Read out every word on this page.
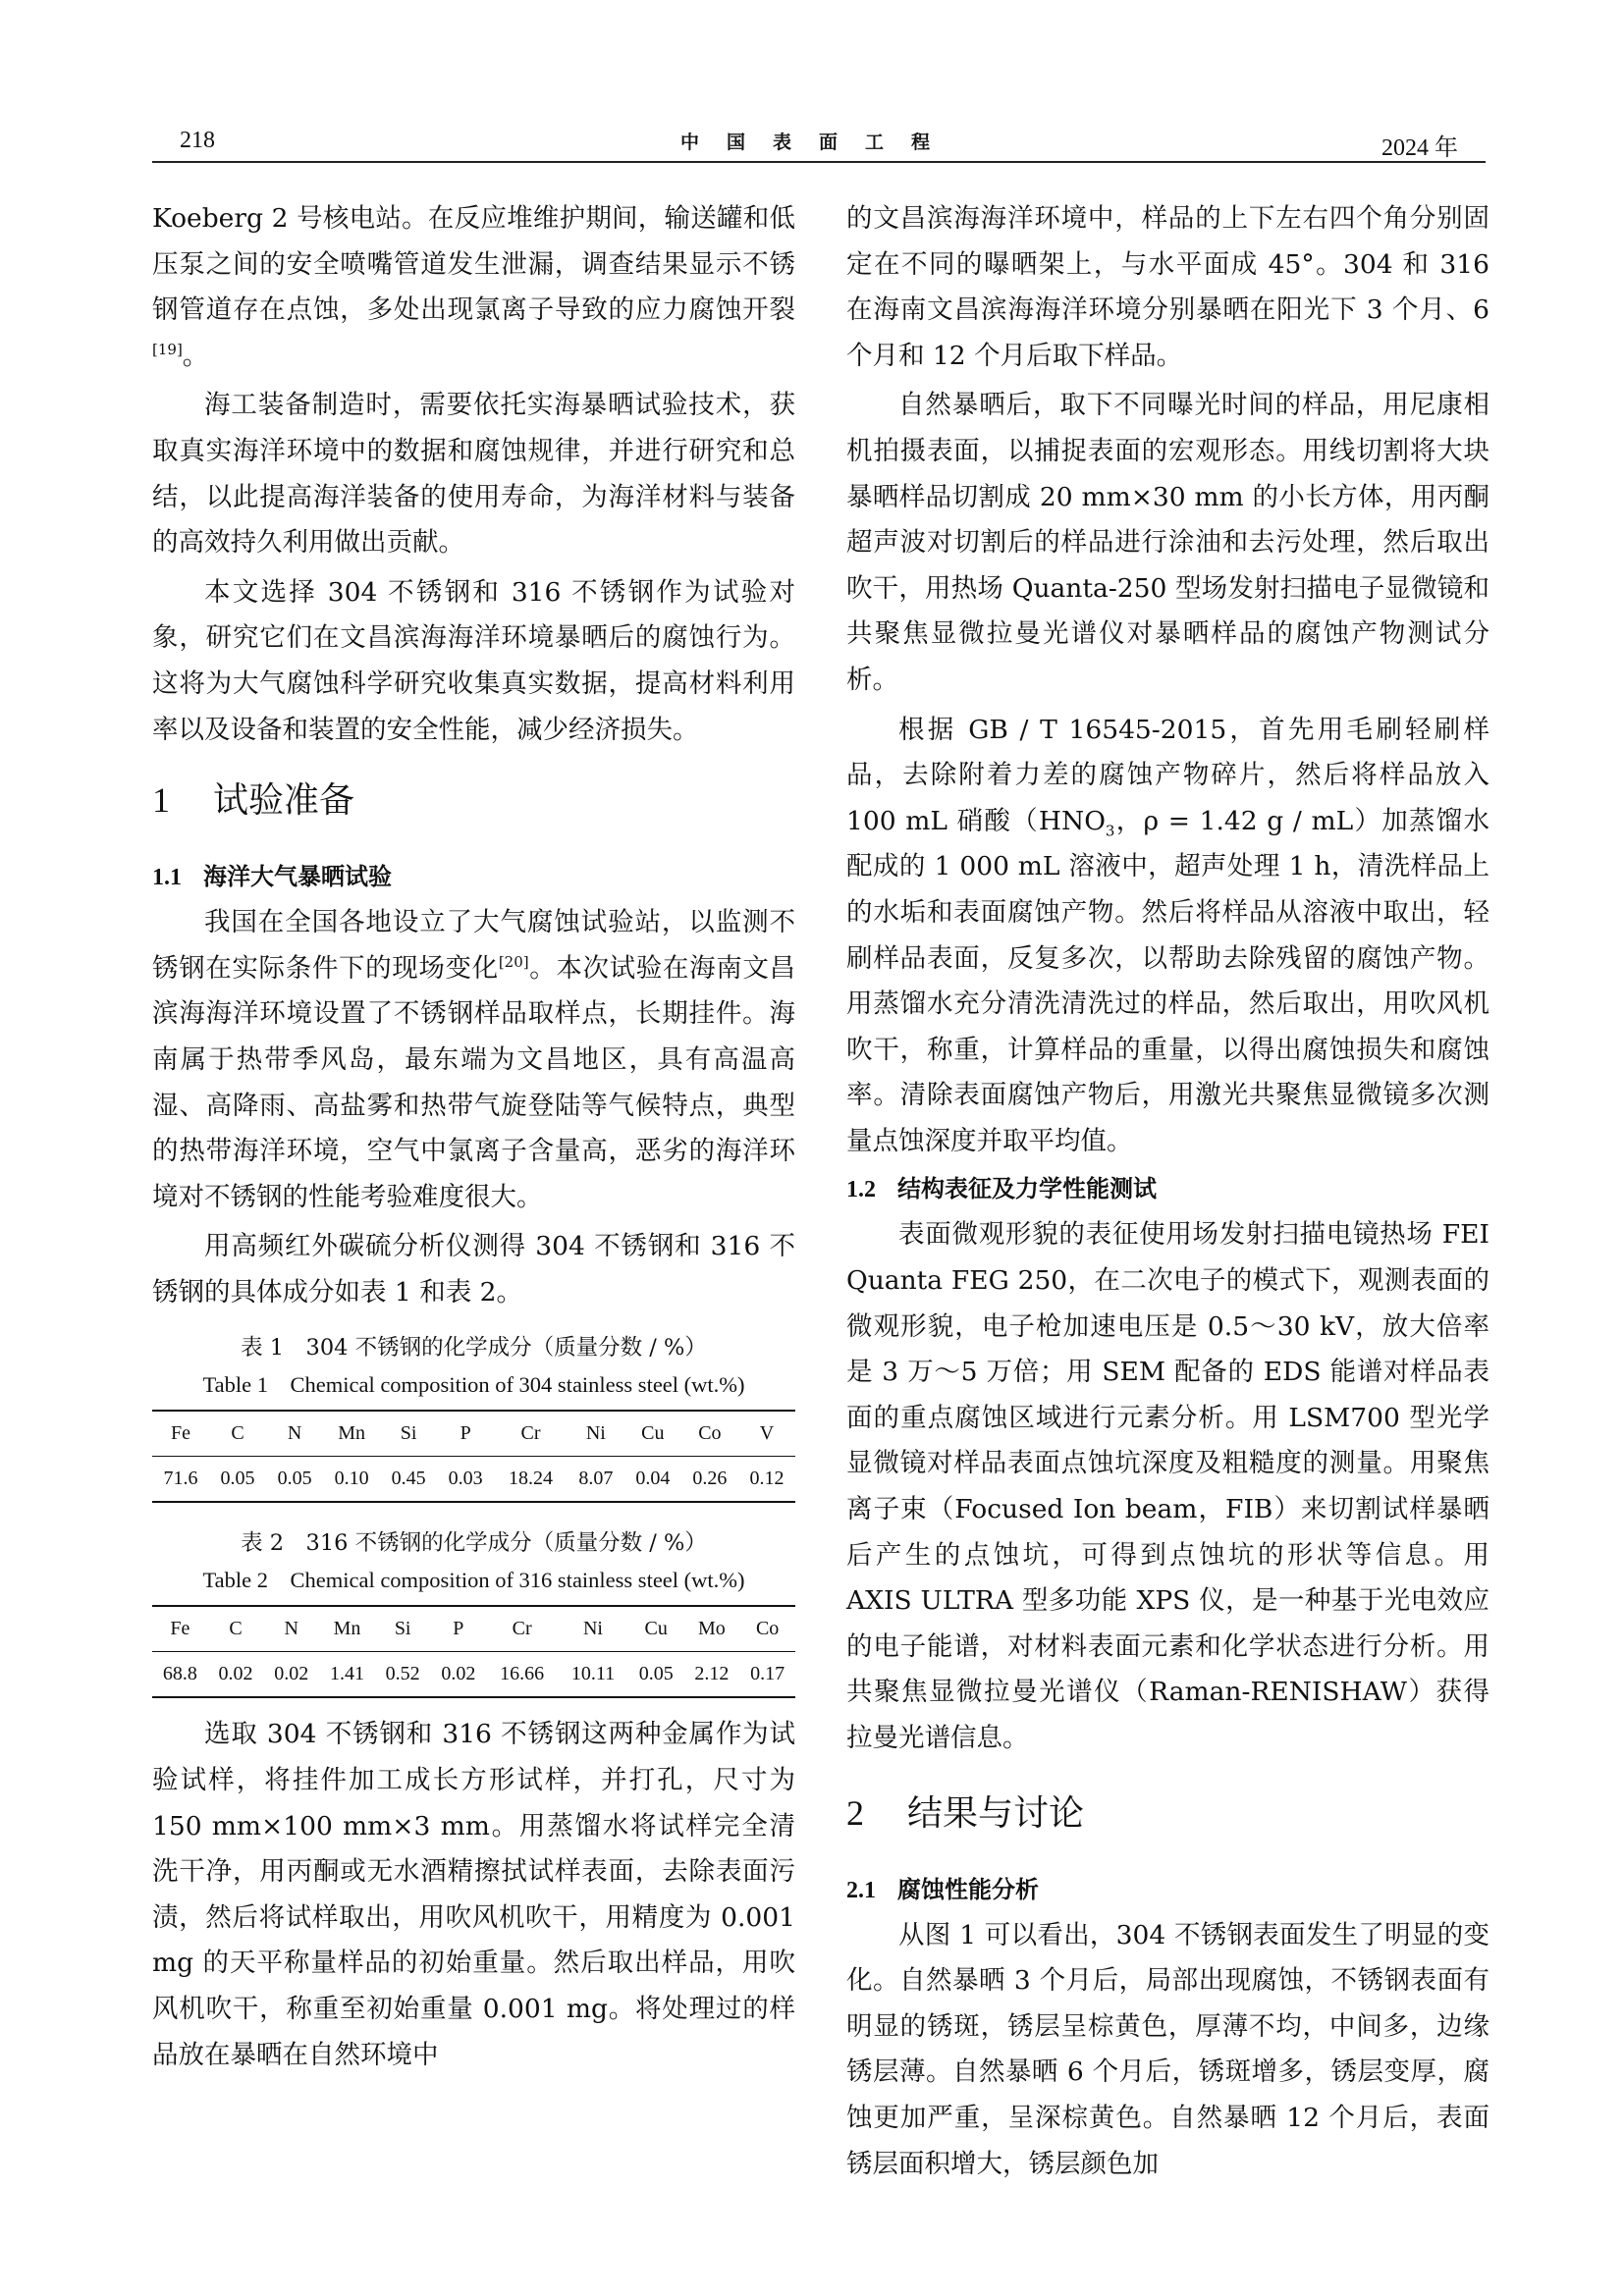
218	中国表面工程	2024 年

Koeberg 2 号核电站。在反应堆维护期间，输送罐和低压泵之间的安全喷嘴管道发生泄漏，调查结果显示不锈钢管道存在点蚀，多处出现氯离子导致的应力腐蚀开裂[19]。

海工装备制造时，需要依托实海暴晒试验技术，获取真实海洋环境中的数据和腐蚀规律，并进行研究和总结，以此提高海洋装备的使用寿命，为海洋材料与装备的高效持久利用做出贡献。

本文选择 304 不锈钢和 316 不锈钢作为试验对象，研究它们在文昌滨海海洋环境暴晒后的腐蚀行为。这将为大气腐蚀科学研究收集真实数据，提高材料利用率以及设备和装置的安全性能，减少经济损失。

1 试验准备
1.1 海洋大气暴晒试验

我国在全国各地设立了大气腐蚀试验站，以监测不锈钢在实际条件下的现场变化[20]。本次试验在海南文昌滨海海洋环境设置了不锈钢样品取样点，长期挂件。海南属于热带季风岛，最东端为文昌地区，具有高温高湿、高降雨、高盐雾和热带气旋登陆等气候特点，典型的热带海洋环境，空气中氯离子含量高，恶劣的海洋环境对不锈钢的性能考验难度很大。

用高频红外碳硫分析仪测得 304 不锈钢和 316 不锈钢的具体成分如表 1 和表 2。

表 1　304 不锈钢的化学成分（质量分数 / %）

Table 1　Chemical composition of 304 stainless steel (wt.%)

Fe	C	N	Mn	Si	P	Cr	Ni	Cu	Co	V
71.6	0.05	0.05	0.10	0.45	0.03	18.24	8.07	0.04	0.26	0.12

表 2　316 不锈钢的化学成分（质量分数 / %）

Table 2　Chemical composition of 316 stainless steel (wt.%)

Fe	C	N	Mn	Si	P	Cr	Ni	Cu	Mo	Co
68.8	0.02	0.02	1.41	0.52	0.02	16.66	10.11	0.05	2.12	0.17

选取 304 不锈钢和 316 不锈钢这两种金属作为试验试样，将挂件加工成长方形试样，并打孔，尺寸为 150 mm×100 mm×3 mm。用蒸馏水将试样完全清洗干净，用丙酮或无水酒精擦拭试样表面，去除表面污渍，然后将试样取出，用吹风机吹干，用精度为 0.001 mg 的天平称量样品的初始重量。然后取出样品，用吹风机吹干，称重至初始重量 0.001 mg。将处理过的样品放在暴晒在自然环境中

的文昌滨海海洋环境中，样品的上下左右四个角分别固定在不同的曝晒架上，与水平面成 45°。304 和 316 在海南文昌滨海海洋环境分别暴晒在阳光下 3 个月、6 个月和 12 个月后取下样品。

自然暴晒后，取下不同曝光时间的样品，用尼康相机拍摄表面，以捕捉表面的宏观形态。用线切割将大块暴晒样品切割成 20 mm×30 mm 的小长方体，用丙酮超声波对切割后的样品进行涂油和去污处理，然后取出吹干，用热场 Quanta-250 型场发射扫描电子显微镜和共聚焦显微拉曼光谱仪对暴晒样品的腐蚀产物测试分析。

根据 GB / T 16545-2015，首先用毛刷轻刷样品，去除附着力差的腐蚀产物碎片，然后将样品放入 100 mL 硝酸（$HNO_3$，ρ = 1.42 g / mL）加蒸馏水配成的 1 000 mL 溶液中，超声处理 1 h，清洗样品上的水垢和表面腐蚀产物。然后将样品从溶液中取出，轻刷样品表面，反复多次，以帮助去除残留的腐蚀产物。用蒸馏水充分清洗清洗过的样品，然后取出，用吹风机吹干，称重，计算样品的重量，以得出腐蚀损失和腐蚀率。清除表面腐蚀产物后，用激光共聚焦显微镜多次测量点蚀深度并取平均值。

1.2 结构表征及力学性能测试

表面微观形貌的表征使用场发射扫描电镜热场 FEI Quanta FEG 250，在二次电子的模式下，观测表面的微观形貌，电子枪加速电压是 0.5～30 kV，放大倍率是 3 万～5 万倍；用 SEM 配备的 EDS 能谱对样品表面的重点腐蚀区域进行元素分析。用 LSM700 型光学显微镜对样品表面点蚀坑深度及粗糙度的测量。用聚焦离子束（Focused Ion beam，FIB）来切割试样暴晒后产生的点蚀坑，可得到点蚀坑的形状等信息。用 AXIS ULTRA 型多功能 XPS 仪，是一种基于光电效应的电子能谱，对材料表面元素和化学状态进行分析。用共聚焦显微拉曼光谱仪（Raman-RENISHAW）获得拉曼光谱信息。

2 结果与讨论
2.1 腐蚀性能分析

从图 1 可以看出，304 不锈钢表面发生了明显的变化。自然暴晒 3 个月后，局部出现腐蚀，不锈钢表面有明显的锈斑，锈层呈棕黄色，厚薄不均，中间多，边缘锈层薄。自然暴晒 6 个月后，锈斑增多，锈层变厚，腐蚀更加严重，呈深棕黄色。自然暴晒 12 个月后，表面锈层面积增大，锈层颜色加
